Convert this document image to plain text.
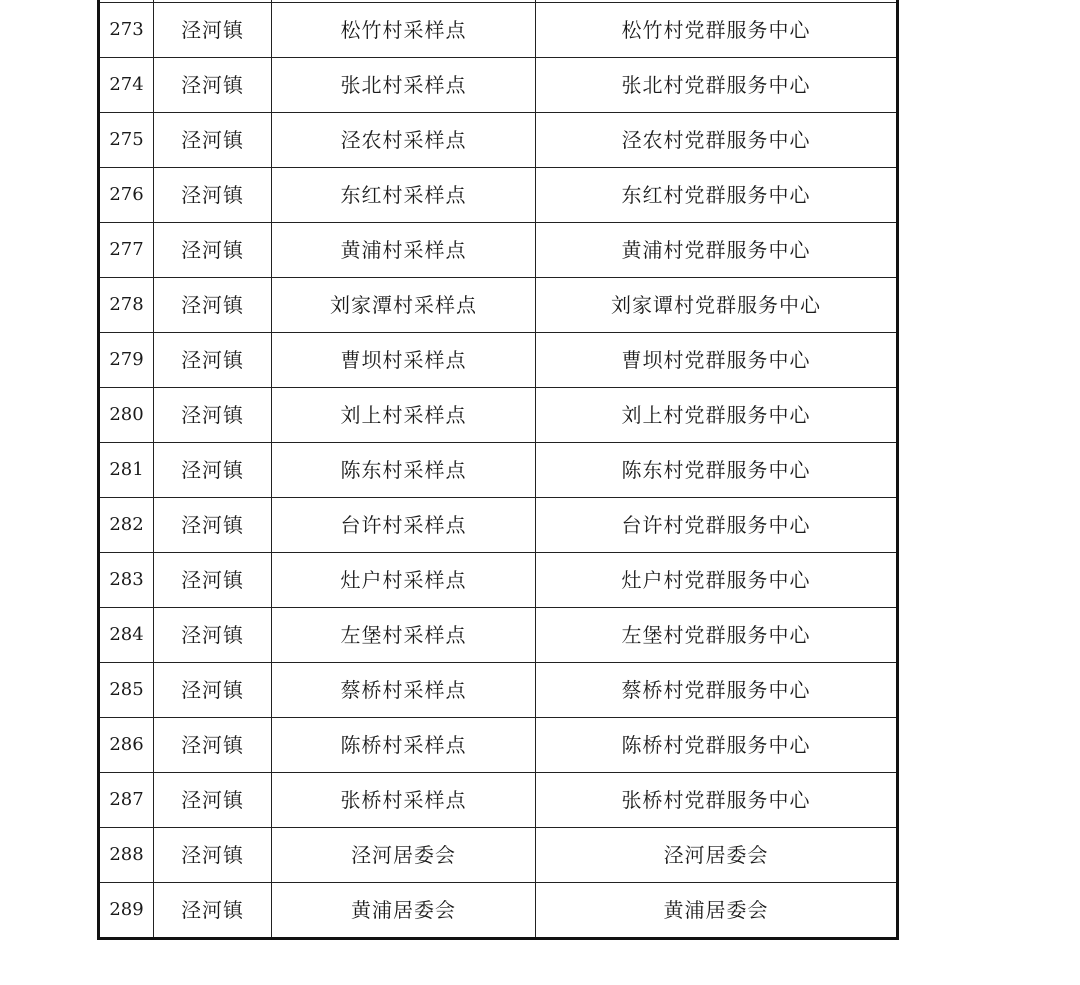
273	泾河镇	松竹村采样点	松竹村党群服务中心
274	泾河镇	张北村采样点	张北村党群服务中心
275	泾河镇	泾农村采样点	泾农村党群服务中心
276	泾河镇	东红村采样点	东红村党群服务中心
277	泾河镇	黄浦村采样点	黄浦村党群服务中心
278	泾河镇	刘家潭村采样点	刘家谭村党群服务中心
279	泾河镇	曹坝村采样点	曹坝村党群服务中心
280	泾河镇	刘上村采样点	刘上村党群服务中心
281	泾河镇	陈东村采样点	陈东村党群服务中心
282	泾河镇	台许村采样点	台许村党群服务中心
283	泾河镇	灶户村采样点	灶户村党群服务中心
284	泾河镇	左堡村采样点	左堡村党群服务中心
285	泾河镇	蔡桥村采样点	蔡桥村党群服务中心
286	泾河镇	陈桥村采样点	陈桥村党群服务中心
287	泾河镇	张桥村采样点	张桥村党群服务中心
288	泾河镇	泾河居委会	泾河居委会
289	泾河镇	黄浦居委会	黄浦居委会
